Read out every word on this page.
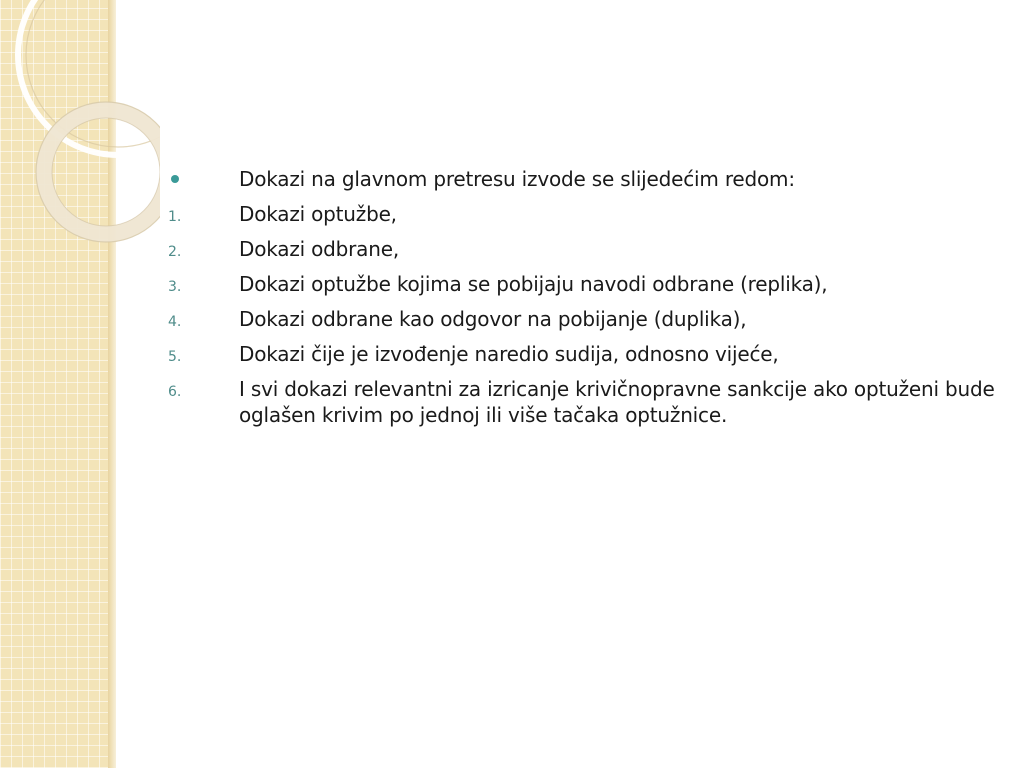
Dokazi na glavnom pretresu izvode se slijedećim redom:
1.	Dokazi optužbe,
2.	Dokazi odbrane,
3.	Dokazi optužbe kojima se pobijaju navodi odbrane (replika),
4.	Dokazi odbrane kao odgovor na pobijanje (duplika),
5.	Dokazi čije je izvođenje naredio sudija, odnosno vijeće,
6.	I svi dokazi relevantni za izricanje krivičnopravne sankcije ako optuženi bude oglašen krivim po jednoj ili više tačaka optužnice.
